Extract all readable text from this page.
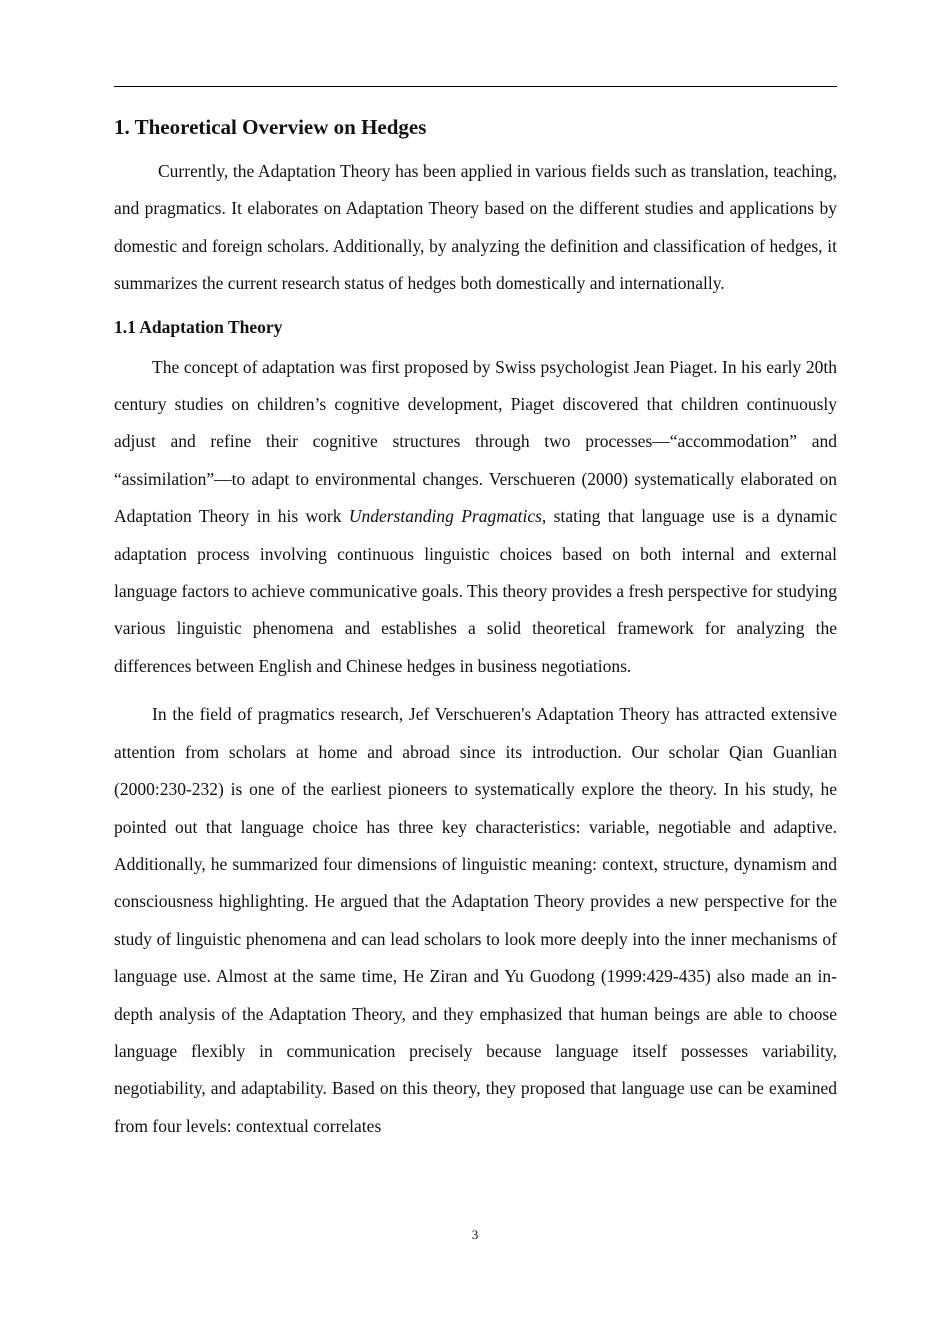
1. Theoretical Overview on Hedges

Currently, the Adaptation Theory has been applied in various fields such as translation, teaching, and pragmatics. It elaborates on Adaptation Theory based on the different studies and applications by domestic and foreign scholars. Additionally, by analyzing the definition and classification of hedges, it summarizes the current research status of hedges both domestically and internationally.

1.1 Adaptation Theory

The concept of adaptation was first proposed by Swiss psychologist Jean Piaget. In his early 20th century studies on children’s cognitive development, Piaget discovered that children continuously adjust and refine their cognitive structures through two processes—“accommodation” and “assimilation”—to adapt to environmental changes. Verschueren (2000) systematically elaborated on Adaptation Theory in his work Understanding Pragmatics, stating that language use is a dynamic adaptation process involving continuous linguistic choices based on both internal and external language factors to achieve communicative goals. This theory provides a fresh perspective for studying various linguistic phenomena and establishes a solid theoretical framework for analyzing the differences between English and Chinese hedges in business negotiations.

In the field of pragmatics research, Jef Verschueren's Adaptation Theory has attracted extensive attention from scholars at home and abroad since its introduction. Our scholar Qian Guanlian (2000:230-232) is one of the earliest pioneers to systematically explore the theory. In his study, he pointed out that language choice has three key characteristics: variable, negotiable and adaptive. Additionally, he summarized four dimensions of linguistic meaning: context, structure, dynamism and consciousness highlighting. He argued that the Adaptation Theory provides a new perspective for the study of linguistic phenomena and can lead scholars to look more deeply into the inner mechanisms of language use. Almost at the same time, He Ziran and Yu Guodong (1999:429-435) also made an in-depth analysis of the Adaptation Theory, and they emphasized that human beings are able to choose language flexibly in communication precisely because language itself possesses variability, negotiability, and adaptability. Based on this theory, they proposed that language use can be examined from four levels: contextual correlates

3
